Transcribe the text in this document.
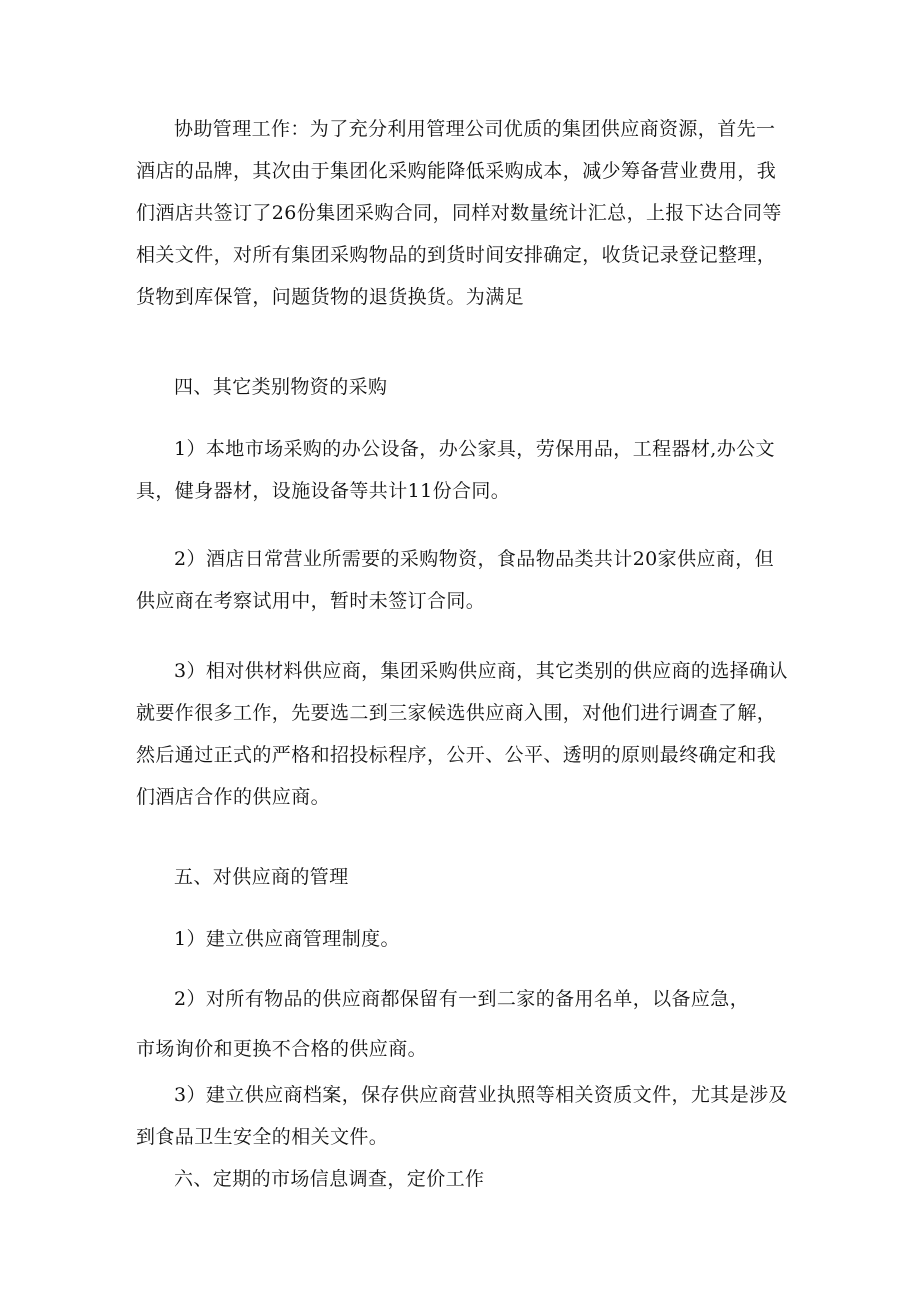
协助管理工作：为了充分利用管理公司优质的集团供应商资源，首先一酒店的品牌，其次由于集团化采购能降低采购成本，减少筹备营业费用，我们酒店共签订了26份集团采购合同，同样对数量统计汇总，上报下达合同等相关文件，对所有集团采购物品的到货时间安排确定，收货记录登记整理，货物到库保管，问题货物的退货换货。为满足

四、其它类别物资的采购

1）本地市场采购的办公设备，办公家具，劳保用品，工程器材,办公文具，健身器材，设施设备等共计11份合同。

2）酒店日常营业所需要的采购物资，食品物品类共计20家供应商，但供应商在考察试用中，暂时未签订合同。

3）相对供材料供应商，集团采购供应商，其它类别的供应商的选择确认就要作很多工作，先要选二到三家候选供应商入围，对他们进行调查了解，然后通过正式的严格和招投标程序，公开、公平、透明的原则最终确定和我们酒店合作的供应商。

五、对供应商的管理

1）建立供应商管理制度。

2）对所有物品的供应商都保留有一到二家的备用名单，以备应急，
市场询价和更换不合格的供应商。

3）建立供应商档案，保存供应商营业执照等相关资质文件，尤其是涉及到食品卫生安全的相关文件。

六、定期的市场信息调查，定价工作
